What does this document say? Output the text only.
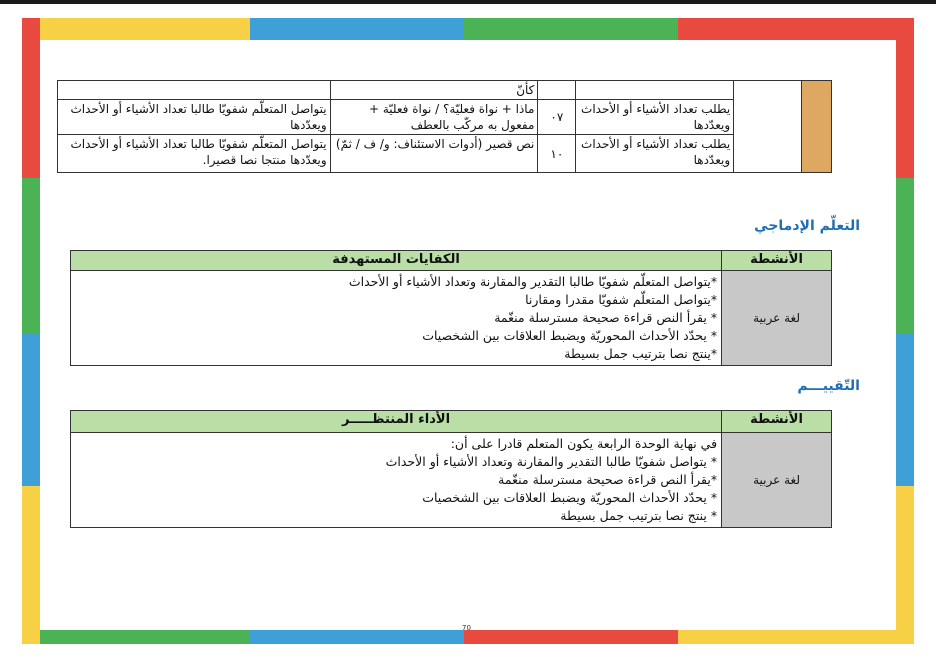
				كأنّ	
		يطلب تعداد الأشياء أو الأحداث ويعدّدها	٠٧	ماذا + نواة فعليّة؟ / نواة فعليّة + مفعول به مركّب بالعطف	يتواصل المتعلّم شفويّا طالبا تعداد الأشياء أو الأحداث ويعدّدها
		يطلب تعداد الأشياء أو الأحداث ويعدّدها	١٠	نص قصير (أدوات الاستئناف: و/ ف / ثمّ)	يتواصل المتعلّم شفويّا طالبا تعداد الأشياء أو الأحداث ويعدّدها منتجا نصا قصيرا.
التعلّم الإدماجي
الأنشطة	الكفايات المستهدفة
لغة عربية	*يتواصل المتعلّم شفويّا طالبا التقدير والمقارنة وتعداد الأشياء أو الأحداث
*يتواصل المتعلّم شفويّا مقدرا ومقارنا
* يقرأ النص قراءة صحيحة مسترسلة منغّمة
* يحدّد الأحداث المحوريّة ويضبط العلاقات بين الشخصيات
*ينتج نصا بترتيب جمل بسيطة
التّقييـــم
الأنشطة	الأداء المنتظـــــر
لغة عربية	في نهاية الوحدة الرابعة يكون المتعلم قادرا على أن:
* يتواصل شفويّا طالبا التقدير والمقارنة وتعداد الأشياء أو الأحداث
*يقرأ النص قراءة صحيحة مسترسلة منغّمة
* يحدّد الأحداث المحوريّة ويضبط العلاقات بين الشخصيات
* ينتج نصا بترتيب جمل بسيطة
70
